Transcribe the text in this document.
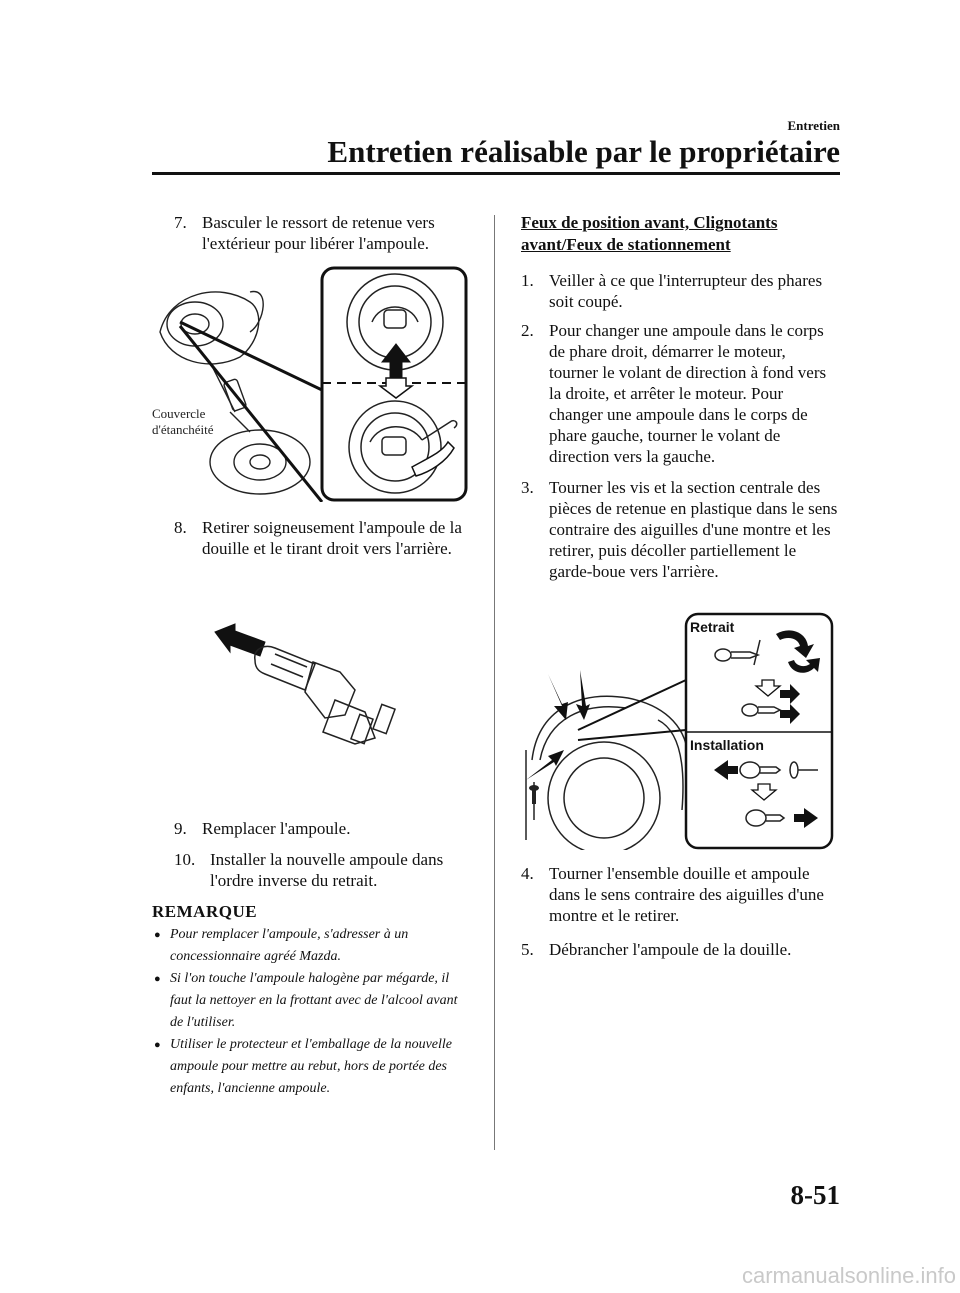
Entretien
Entretien réalisable par le propriétaire
7. Basculer le ressort de retenue vers l'extérieur pour libérer l'ampoule.
Couvercle
d'étanchéité
8. Retirer soigneusement l'ampoule de la douille et le tirant droit vers l'arrière.
9. Remplacer l'ampoule.
10. Installer la nouvelle ampoule dans l'ordre inverse du retrait.
REMARQUE
● Pour remplacer l'ampoule, s'adresser à un concessionnaire agréé Mazda.
● Si l'on touche l'ampoule halogène par mégarde, il faut la nettoyer en la frottant avec de l'alcool avant de l'utiliser.
● Utiliser le protecteur et l'emballage de la nouvelle ampoule pour mettre au rebut, hors de portée des enfants, l'ancienne ampoule.
Feux de position avant, Clignotants
avant/Feux de stationnement
1. Veiller à ce que l'interrupteur des phares soit coupé.
2. Pour changer une ampoule dans le corps de phare droit, démarrer le moteur, tourner le volant de direction à fond vers la droite, et arrêter le moteur. Pour changer une ampoule dans le corps de phare gauche, tourner le volant de direction vers la gauche.
3. Tourner les vis et la section centrale des pièces de retenue en plastique dans le sens contraire des aiguilles d'une montre et les retirer, puis décoller partiellement le garde-boue vers l'arrière.
Retrait
Installation
4. Tourner l'ensemble douille et ampoule dans le sens contraire des aiguilles d'une montre et le retirer.
5. Débrancher l'ampoule de la douille.
8-51
carmanualsonline.info
